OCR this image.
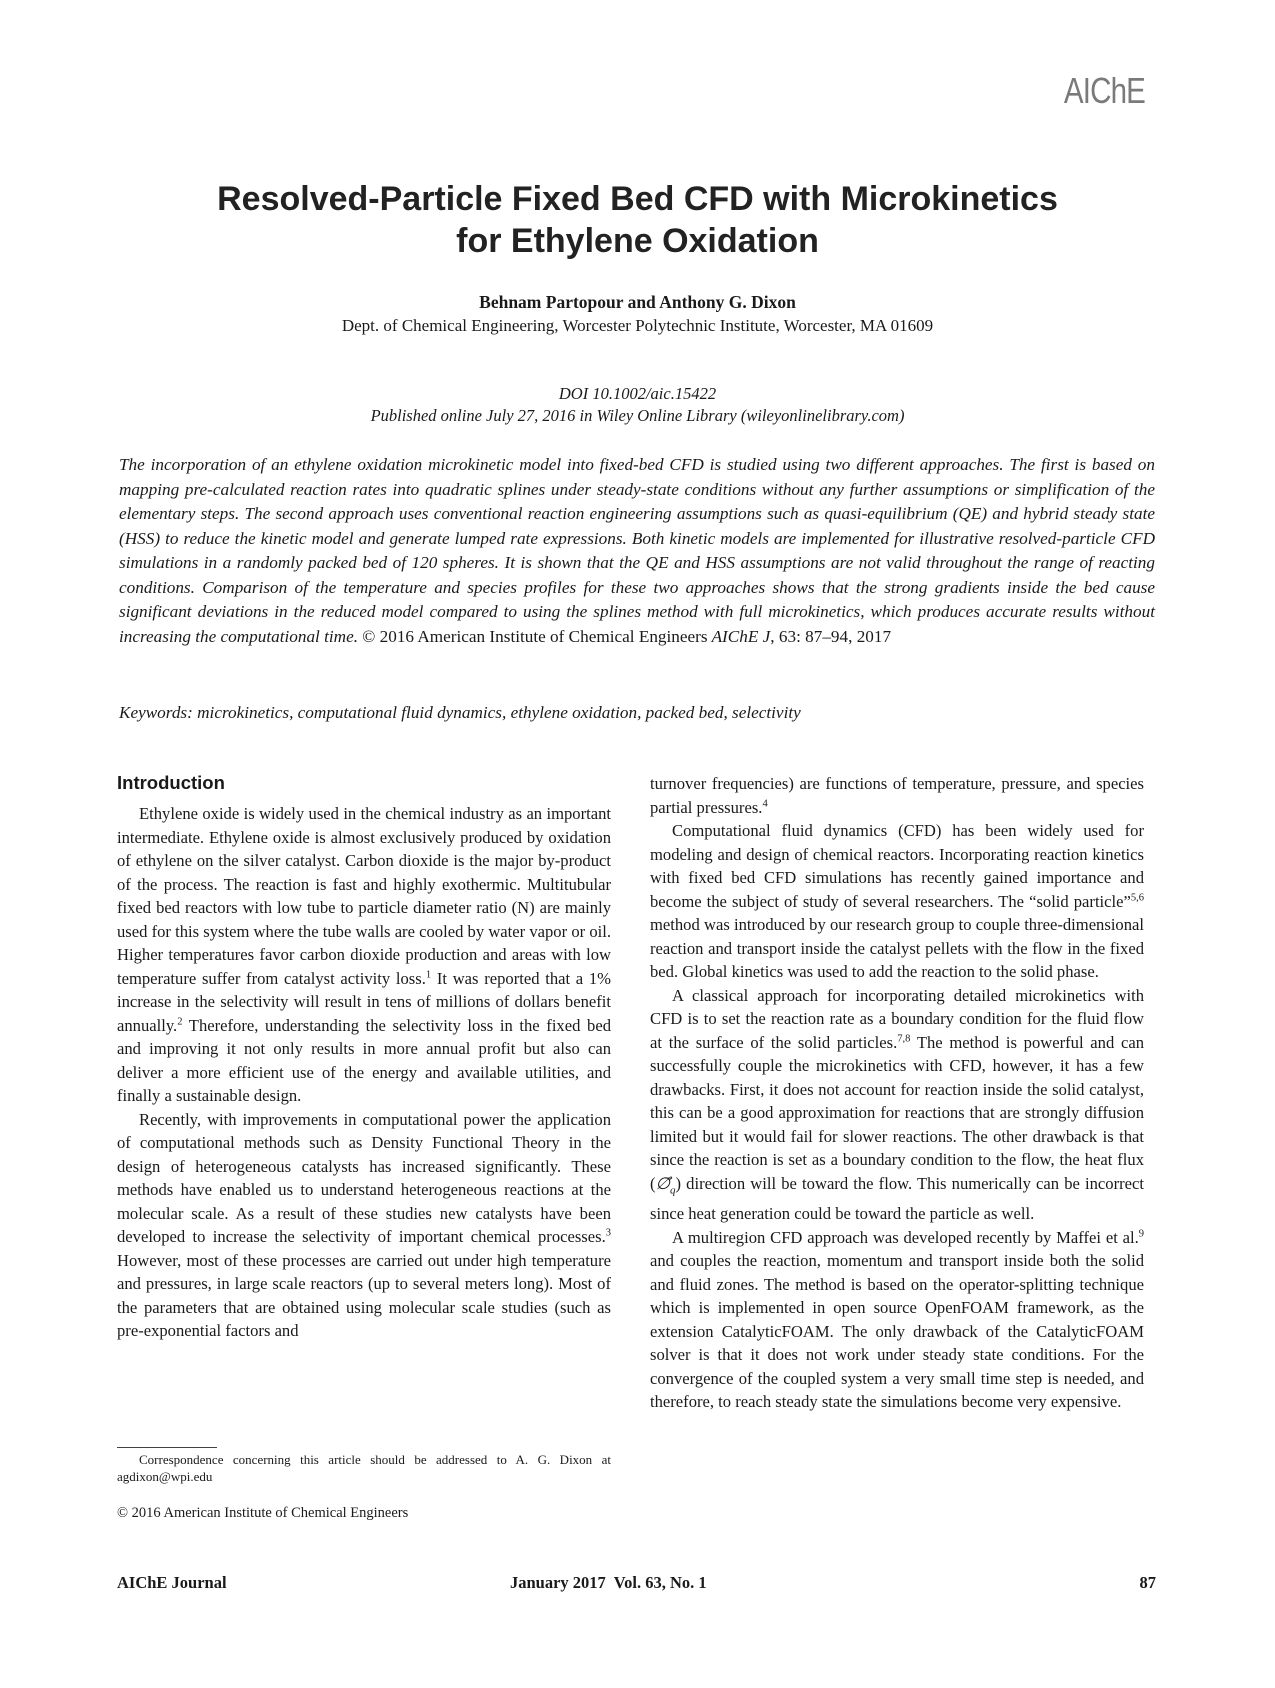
AIChE
Resolved-Particle Fixed Bed CFD with Microkinetics
for Ethylene Oxidation
Behnam Partopour and Anthony G. Dixon
Dept. of Chemical Engineering, Worcester Polytechnic Institute, Worcester, MA 01609
DOI 10.1002/aic.15422
Published online July 27, 2016 in Wiley Online Library (wileyonlinelibrary.com)

The incorporation of an ethylene oxidation microkinetic model into fixed-bed CFD is studied using two different approaches. The first is based on mapping pre-calculated reaction rates into quadratic splines under steady-state conditions without any further assumptions or simplification of the elementary steps. The second approach uses conventional reaction engineering assumptions such as quasi-equilibrium (QE) and hybrid steady state (HSS) to reduce the kinetic model and generate lumped rate expressions. Both kinetic models are implemented for illustrative resolved-particle CFD simulations in a randomly packed bed of 120 spheres. It is shown that the QE and HSS assumptions are not valid throughout the range of reacting conditions. Comparison of the temperature and species profiles for these two approaches shows that the strong gradients inside the bed cause significant deviations in the reduced model compared to using the splines method with full microkinetics, which produces accurate results without increasing the computational time. © 2016 American Institute of Chemical Engineers AIChE J, 63: 87–94, 2017

Keywords: microkinetics, computational fluid dynamics, ethylene oxidation, packed bed, selectivity
Introduction

Ethylene oxide is widely used in the chemical industry as an important intermediate. Ethylene oxide is almost exclusively produced by oxidation of ethylene on the silver catalyst. Carbon dioxide is the major by-product of the process. The reaction is fast and highly exothermic. Multitubular fixed bed reactors with low tube to particle diameter ratio (N) are mainly used for this system where the tube walls are cooled by water vapor or oil. Higher temperatures favor carbon dioxide production and areas with low temperature suffer from catalyst activity loss.$^1$ It was reported that a 1% increase in the selectivity will result in tens of millions of dollars benefit annually.$^2$ Therefore, understanding the selectivity loss in the fixed bed and improving it not only results in more annual profit but also can deliver a more efficient use of the energy and available utilities, and finally a sustainable design.

Recently, with improvements in computational power the application of computational methods such as Density Functional Theory in the design of heterogeneous catalysts has increased significantly. These methods have enabled us to understand heterogeneous reactions at the molecular scale. As a result of these studies new catalysts have been developed to increase the selectivity of important chemical processes.$^3$ However, most of these processes are carried out under high temperature and pressures, in large scale reactors (up to several meters long). Most of the parameters that are obtained using molecular scale studies (such as pre-exponential factors and

Correspondence concerning this article should be addressed to A. G. Dixon at agdixon@wpi.edu
© 2016 American Institute of Chemical Engineers

turnover frequencies) are functions of temperature, pressure, and species partial pressures.$^4$

Computational fluid dynamics (CFD) has been widely used for modeling and design of chemical reactors. Incorporating reaction kinetics with fixed bed CFD simulations has recently gained importance and become the subject of study of several researchers. The “solid particle”$^{5,6}$ method was introduced by our research group to couple three-dimensional reaction and transport inside the catalyst pellets with the flow in the fixed bed. Global kinetics was used to add the reaction to the solid phase.

A classical approach for incorporating detailed microkinetics with CFD is to set the reaction rate as a boundary condition for the fluid flow at the surface of the solid particles.$^{7,8}$ The method is powerful and can successfully couple the microkinetics with CFD, however, it has a few drawbacks. First, it does not account for reaction inside the solid catalyst, this can be a good approximation for reactions that are strongly diffusion limited but it would fail for slower reactions. The other drawback is that since the reaction is set as a boundary condition to the flow, the heat flux $(\emptyset⃗_q)$ direction will be toward the flow. This numerically can be incorrect since heat generation could be toward the particle as well.

A multiregion CFD approach was developed recently by Maffei et al.$^9$ and couples the reaction, momentum and transport inside both the solid and fluid zones. The method is based on the operator-splitting technique which is implemented in open source OpenFOAM framework, as the extension CatalyticFOAM. The only drawback of the CatalyticFOAM solver is that it does not work under steady state conditions. For the convergence of the coupled system a very small time step is needed, and therefore, to reach steady state the simulations become very expensive.

AIChE Journal	January 2017  Vol. 63, No. 1	87
